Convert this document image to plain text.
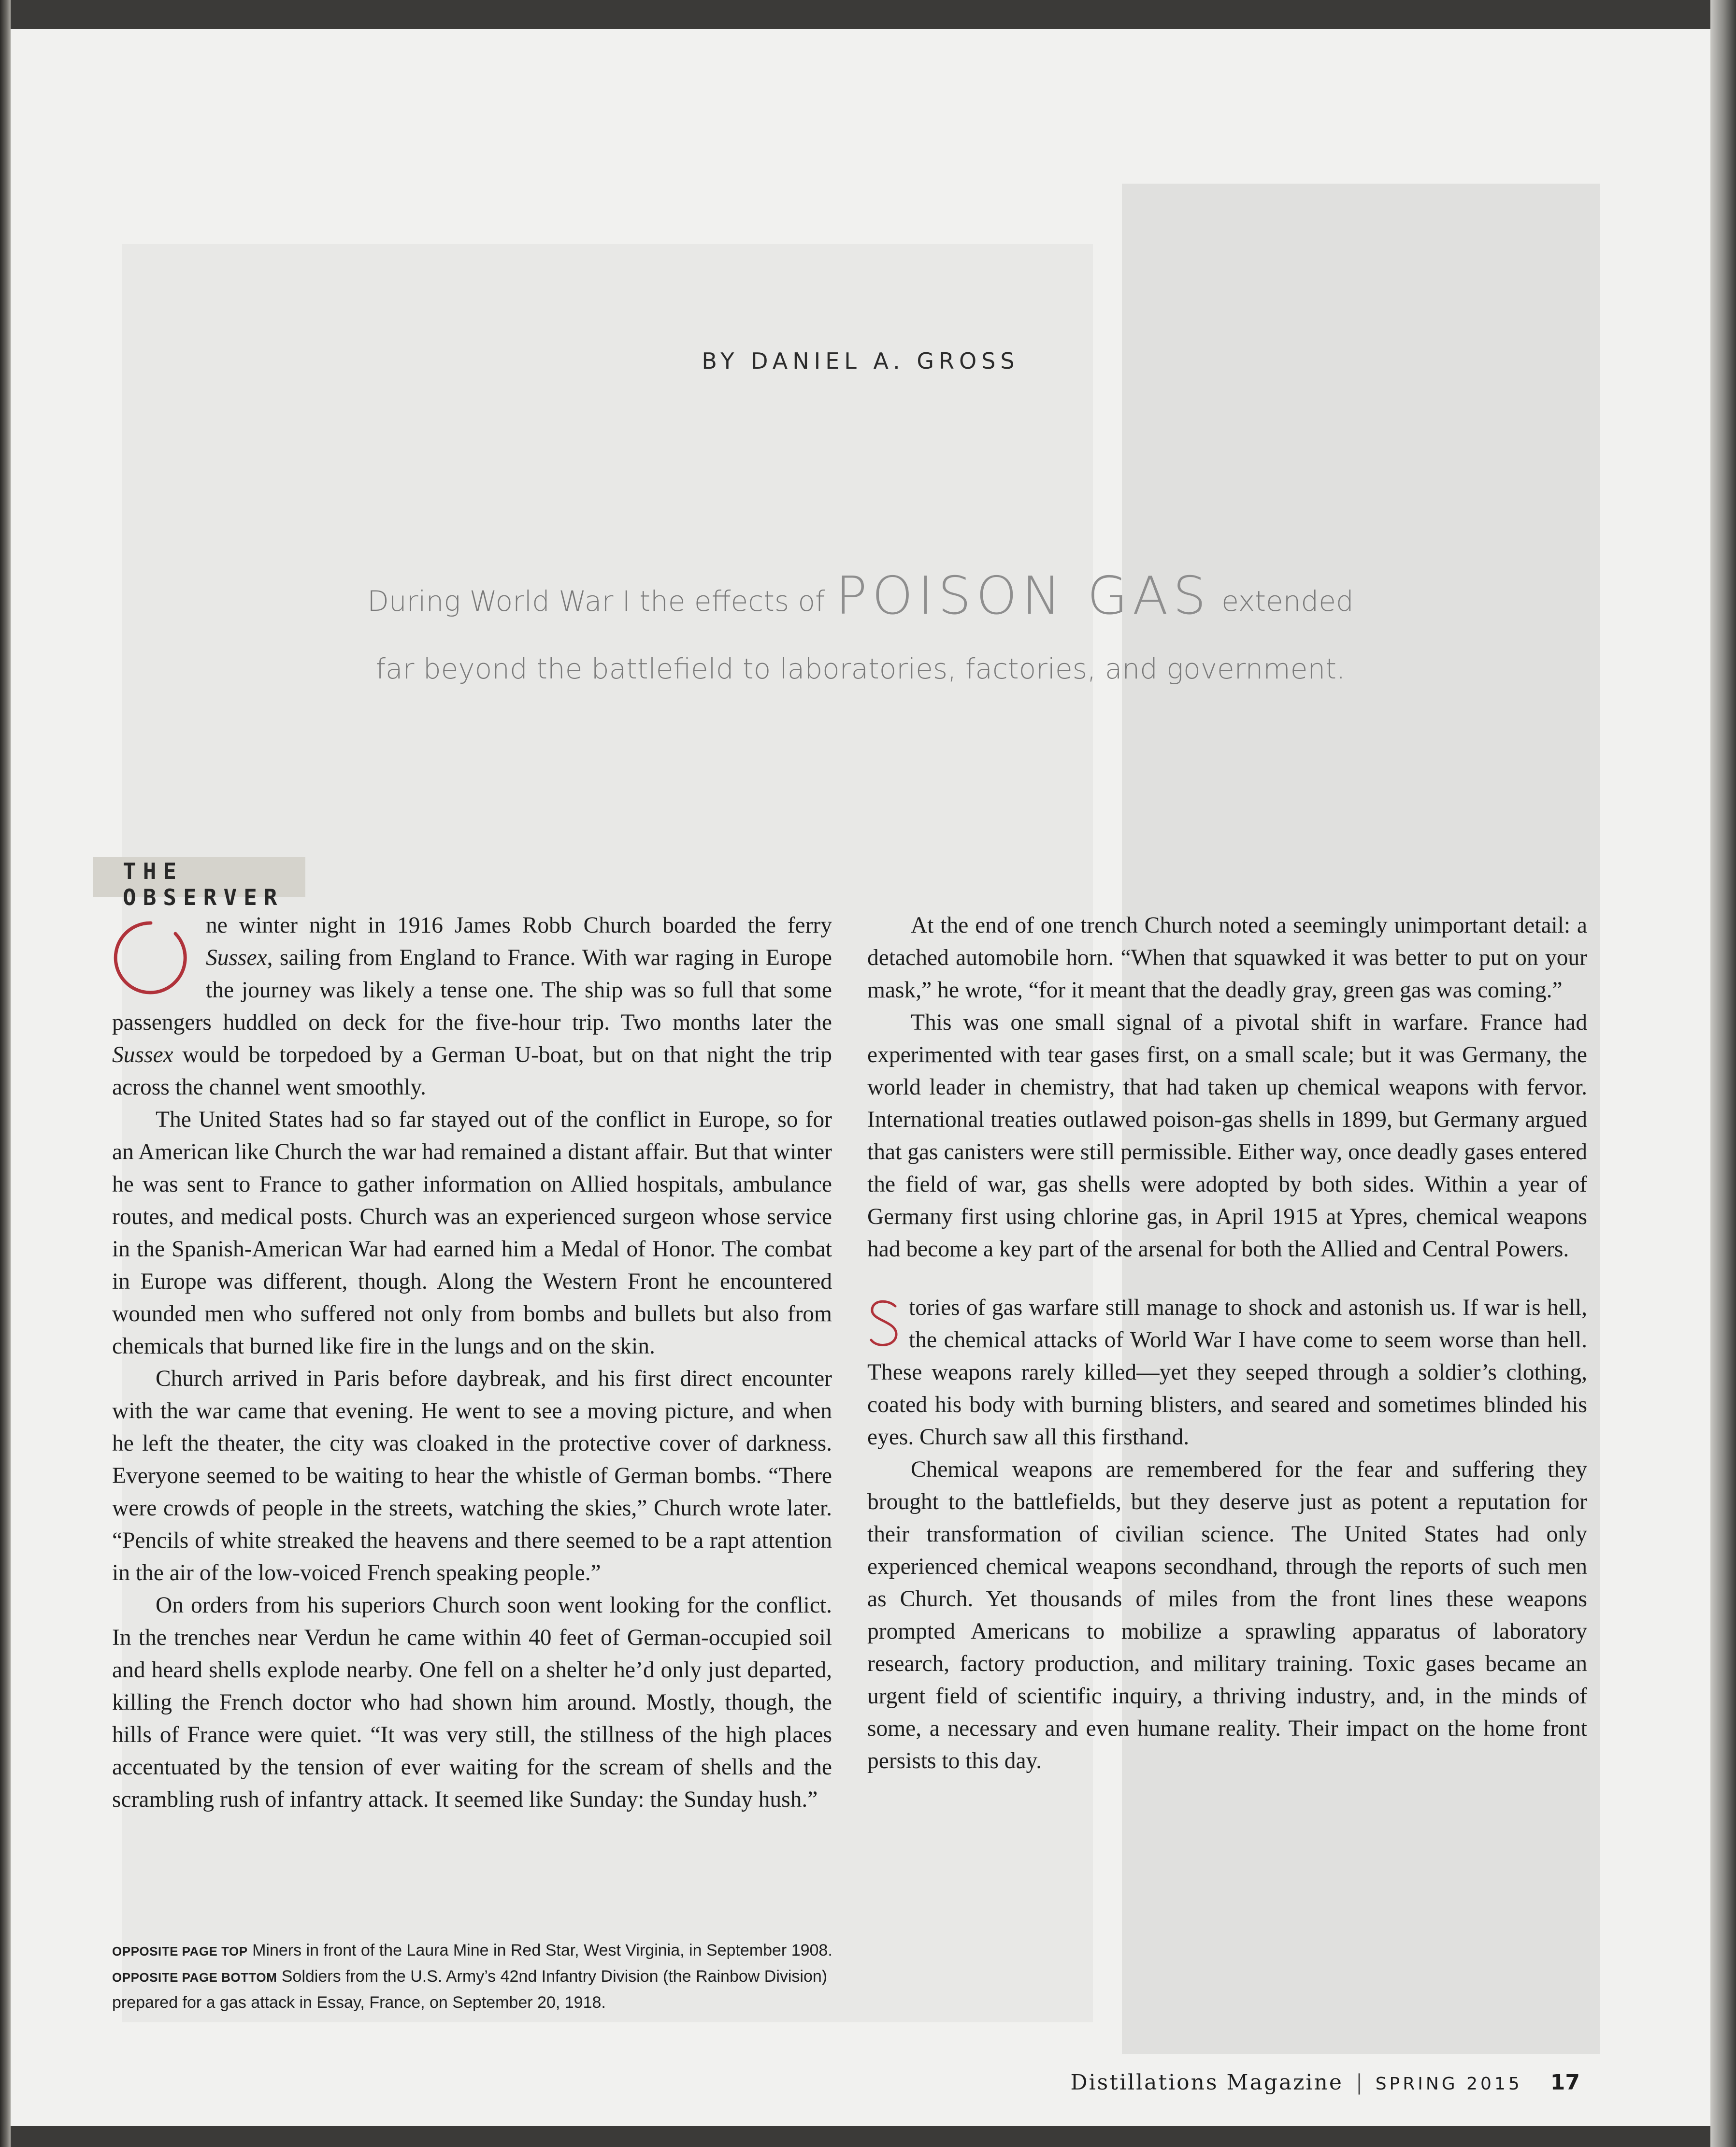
BY DANIEL A. GROSS
During World War I the effects of POISON GAS extended
far beyond the battlefield to laboratories, factories, and government.
THE OBSERVER

ne winter night in 1916 James Robb Church boarded the ferry Sussex, sailing from England to France. With war raging in Europe the journey was likely a tense one. The ship was so full that some passengers huddled on deck for the five-hour trip. Two months later the Sussex would be torpedoed by a German U-boat, but on that night the trip across the channel went smoothly.

The United States had so far stayed out of the conflict in Europe, so for an American like Church the war had remained a distant affair. But that winter he was sent to France to gather information on Allied hospitals, ambulance routes, and medical posts. Church was an experienced surgeon whose service in the Spanish-American War had earned him a Medal of Honor. The combat in Europe was different, though. Along the Western Front he encountered wounded men who suffered not only from bombs and bullets but also from chemicals that burned like fire in the lungs and on the skin.

Church arrived in Paris before daybreak, and his first direct encounter with the war came that evening. He went to see a moving picture, and when he left the theater, the city was cloaked in the protective cover of darkness. Everyone seemed to be waiting to hear the whistle of German bombs. “There were crowds of people in the streets, watching the skies,” Church wrote later. “Pencils of white streaked the heavens and there seemed to be a rapt attention in the air of the low-voiced French speaking people.”

On orders from his superiors Church soon went looking for the conflict. In the trenches near Verdun he came within 40 feet of German-occupied soil and heard shells explode nearby. One fell on a shelter he’d only just departed, killing the French doctor who had shown him around. Mostly, though, the hills of France were quiet. “It was very still, the stillness of the high places accentuated by the tension of ever waiting for the scream of shells and the scrambling rush of infantry attack. It seemed like Sunday: the Sunday hush.”

At the end of one trench Church noted a seemingly unimportant detail: a detached automobile horn. “When that squawked it was better to put on your mask,” he wrote, “for it meant that the deadly gray, green gas was coming.”

This was one small signal of a pivotal shift in warfare. France had experimented with tear gases first, on a small scale; but it was Germany, the world leader in chemistry, that had taken up chemical weapons with fervor. International treaties outlawed poison-gas shells in 1899, but Germany argued that gas canisters were still permissible. Either way, once deadly gases entered the field of war, gas shells were adopted by both sides. Within a year of Germany first using chlorine gas, in April 1915 at Ypres, chemical weapons had become a key part of the arsenal for both the Allied and Central Powers.

tories of gas warfare still manage to shock and astonish us. If war is hell, the chemical attacks of World War I have come to seem worse than hell. These weapons rarely killed—yet they seeped through a soldier’s clothing, coated his body with burning blisters, and seared and sometimes blinded his eyes. Church saw all this firsthand.

Chemical weapons are remembered for the fear and suffering they brought to the battlefields, but they deserve just as potent a reputation for their transformation of civilian science. The United States had only experienced chemical weapons secondhand, through the reports of such men as Church. Yet thousands of miles from the front lines these weapons prompted Americans to mobilize a sprawling apparatus of laboratory research, factory production, and military training. Toxic gases became an urgent field of scientific inquiry, a thriving industry, and, in the minds of some, a necessary and even humane reality. Their impact on the home front persists to this day.

OPPOSITE PAGE TOP Miners in front of the Laura Mine in Red Star, West Virginia, in September 1908.
OPPOSITE PAGE BOTTOM Soldiers from the U.S. Army’s 42nd Infantry Division (the Rainbow Division) prepared for a gas attack in Essay, France, on September 20, 1918.
Distillations Magazine | SPRING 2015 17
